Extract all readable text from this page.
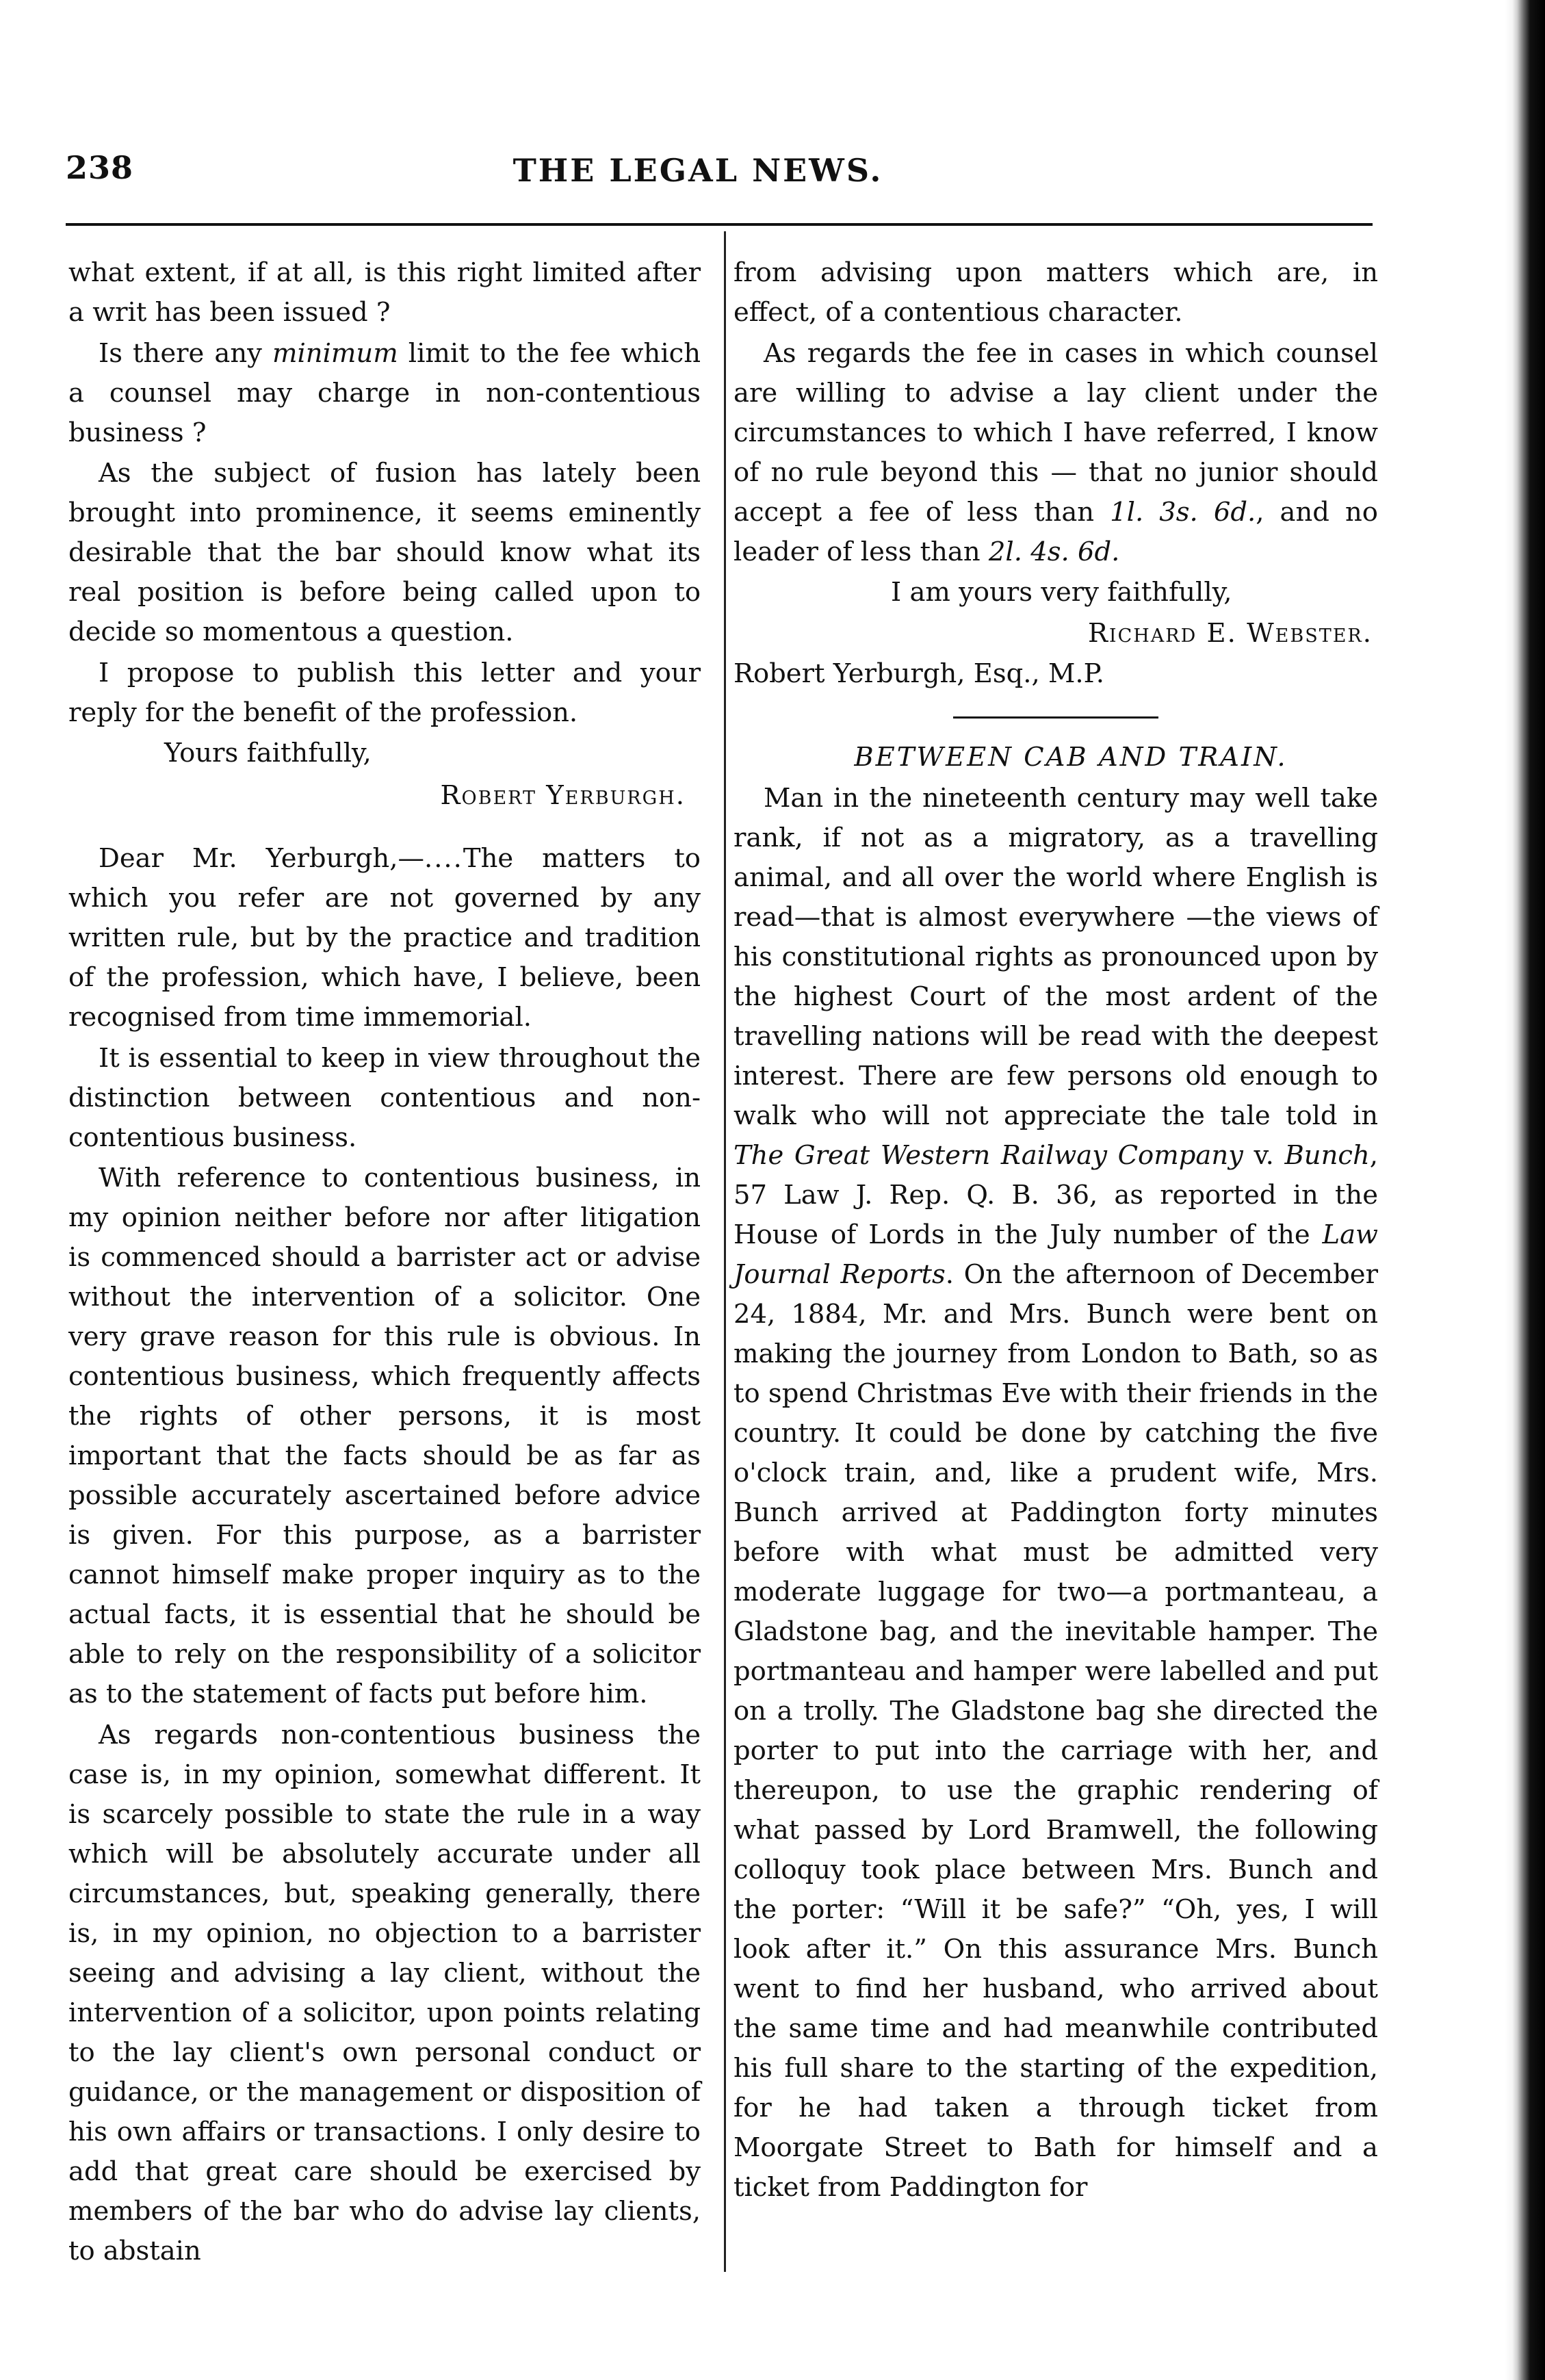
238	THE LEGAL NEWS.

what extent, if at all, is this right limited after a writ has been issued ?

Is there any minimum limit to the fee which a counsel may charge in non-contentious business ?

As the subject of fusion has lately been brought into prominence, it seems eminently desirable that the bar should know what its real position is before being called upon to decide so momentous a question.

I propose to publish this letter and your reply for the benefit of the profession.

Yours faithfully,

Robert Yerburgh.

Dear Mr. Yerburgh,—....The matters to which you refer are not governed by any written rule, but by the practice and tradition of the profession, which have, I believe, been recognised from time immemorial.

It is essential to keep in view throughout the distinction between contentious and non-contentious business.

With reference to contentious business, in my opinion neither before nor after litigation is commenced should a barrister act or advise without the intervention of a solicitor. One very grave reason for this rule is obvious. In contentious business, which frequently affects the rights of other persons, it is most important that the facts should be as far as possible accurately ascertained before advice is given. For this purpose, as a barrister cannot himself make proper inquiry as to the actual facts, it is essential that he should be able to rely on the responsibility of a solicitor as to the statement of facts put before him.

As regards non-contentious business the case is, in my opinion, somewhat different. It is scarcely possible to state the rule in a way which will be absolutely accurate under all circumstances, but, speaking generally, there is, in my opinion, no objection to a barrister seeing and advising a lay client, without the intervention of a solicitor, upon points relating to the lay client's own personal conduct or guidance, or the management or disposition of his own affairs or transactions. I only desire to add that great care should be exercised by members of the bar who do advise lay clients, to abstain

from advising upon matters which are, in effect, of a contentious character.

As regards the fee in cases in which counsel are willing to advise a lay client under the circumstances to which I have referred, I know of no rule beyond this — that no junior should accept a fee of less than 1l. 3s. 6d., and no leader of less than 2l. 4s. 6d.

I am yours very faithfully,

Richard E. Webster.

Robert Yerburgh, Esq., M.P.

BETWEEN CAB AND TRAIN.

Man in the nineteenth century may well take rank, if not as a migratory, as a travelling animal, and all over the world where English is read—that is almost everywhere —the views of his constitutional rights as pronounced upon by the highest Court of the most ardent of the travelling nations will be read with the deepest interest. There are few persons old enough to walk who will not appreciate the tale told in The Great Western Railway Company v. Bunch, 57 Law J. Rep. Q. B. 36, as reported in the House of Lords in the July number of the Law Journal Reports. On the afternoon of December 24, 1884, Mr. and Mrs. Bunch were bent on making the journey from London to Bath, so as to spend Christmas Eve with their friends in the country. It could be done by catching the five o'clock train, and, like a prudent wife, Mrs. Bunch arrived at Paddington forty minutes before with what must be admitted very moderate luggage for two—a portmanteau, a Gladstone bag, and the inevitable hamper. The portmanteau and hamper were labelled and put on a trolly. The Gladstone bag she directed the porter to put into the carriage with her, and thereupon, to use the graphic rendering of what passed by Lord Bramwell, the following colloquy took place between Mrs. Bunch and the porter: “Will it be safe?” “Oh, yes, I will look after it.” On this assurance Mrs. Bunch went to find her husband, who arrived about the same time and had meanwhile contributed his full share to the starting of the expedition, for he had taken a through ticket from Moorgate Street to Bath for himself and a ticket from Paddington for
